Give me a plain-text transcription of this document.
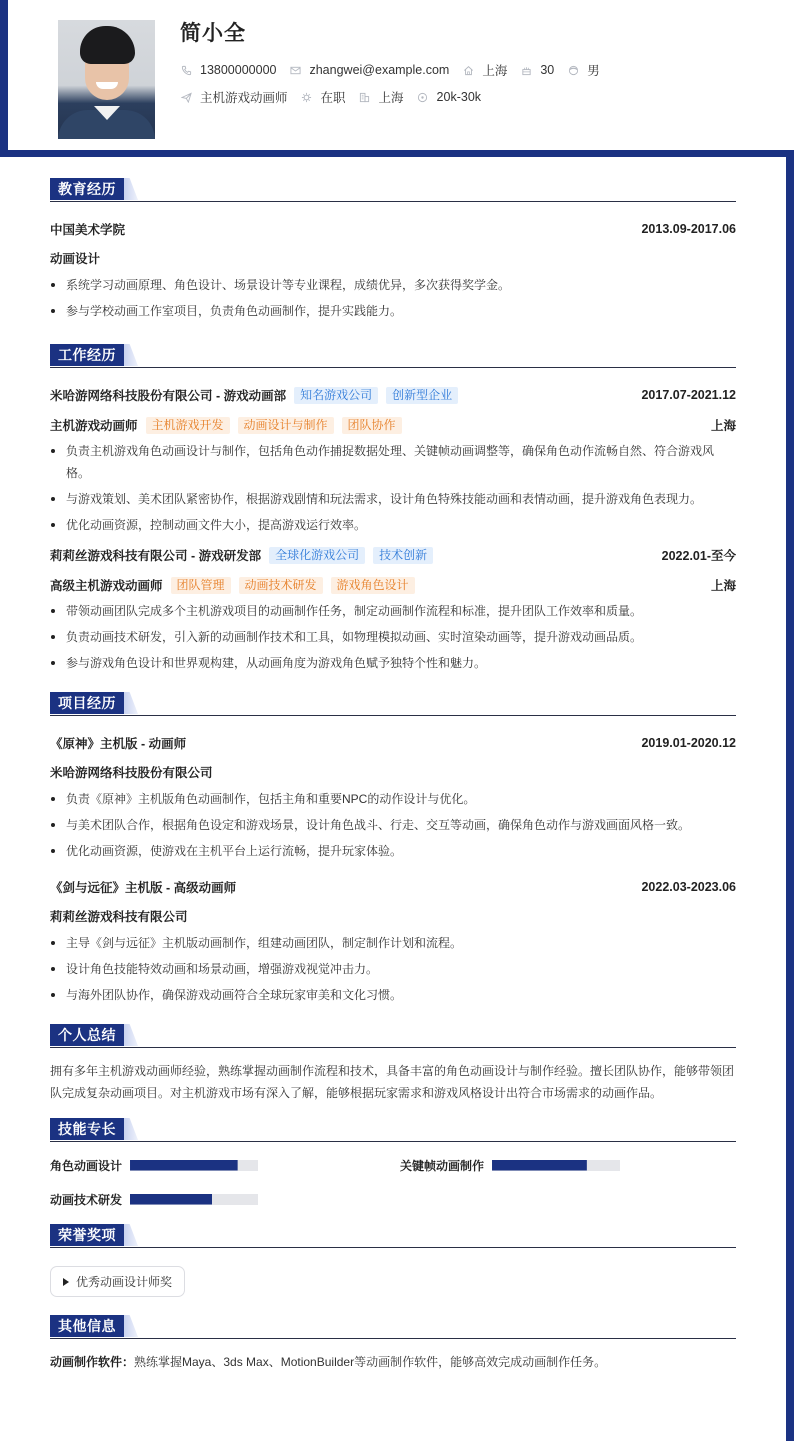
简小全
13800000000	zhangwei@example.com	上海	30	男
主机游戏动画师	在职	上海	20k-30k
教育经历
中国美术学院	2013.09-2017.06
动画设计
系统学习动画原理、角色设计、场景设计等专业课程，成绩优异，多次获得奖学金。
参与学校动画工作室项目，负责角色动画制作，提升实践能力。
工作经历
米哈游网络科技股份有限公司 - 游戏动画部	知名游戏公司	创新型企业	2017.07-2021.12
主机游戏动画师	主机游戏开发	动画设计与制作	团队协作	上海
负责主机游戏角色动画设计与制作，包括角色动作捕捉数据处理、关键帧动画调整等，确保角色动作流畅自然、符合游戏风格。
与游戏策划、美术团队紧密协作，根据游戏剧情和玩法需求，设计角色特殊技能动画和表情动画，提升游戏角色表现力。
优化动画资源，控制动画文件大小，提高游戏运行效率。
莉莉丝游戏科技有限公司 - 游戏研发部	全球化游戏公司	技术创新	2022.01-至今
高级主机游戏动画师	团队管理	动画技术研发	游戏角色设计	上海
带领动画团队完成多个主机游戏项目的动画制作任务，制定动画制作流程和标准，提升团队工作效率和质量。
负责动画技术研发，引入新的动画制作技术和工具，如物理模拟动画、实时渲染动画等，提升游戏动画品质。
参与游戏角色设计和世界观构建，从动画角度为游戏角色赋予独特个性和魅力。
项目经历
《原神》主机版 - 动画师	2019.01-2020.12
米哈游网络科技股份有限公司
负责《原神》主机版角色动画制作，包括主角和重要NPC的动作设计与优化。
与美术团队合作，根据角色设定和游戏场景，设计角色战斗、行走、交互等动画，确保角色动作与游戏画面风格一致。
优化动画资源，使游戏在主机平台上运行流畅，提升玩家体验。
《剑与远征》主机版 - 高级动画师	2022.03-2023.06
莉莉丝游戏科技有限公司
主导《剑与远征》主机版动画制作，组建动画团队，制定制作计划和流程。
设计角色技能特效动画和场景动画，增强游戏视觉冲击力。
与海外团队协作，确保游戏动画符合全球玩家审美和文化习惯。
个人总结

拥有多年主机游戏动画师经验，熟练掌握动画制作流程和技术，具备丰富的角色动画设计与制作经验。擅长团队协作，能够带领团队完成复杂动画项目。对主机游戏市场有深入了解，能够根据玩家需求和游戏风格设计出符合市场需求的动画作品。

技能专长
角色动画设计	关键帧动画制作
动画技术研发
荣誉奖项
优秀动画设计师奖
其他信息

动画制作软件：熟练掌握Maya、3ds Max、MotionBuilder等动画制作软件，能够高效完成动画制作任务。
